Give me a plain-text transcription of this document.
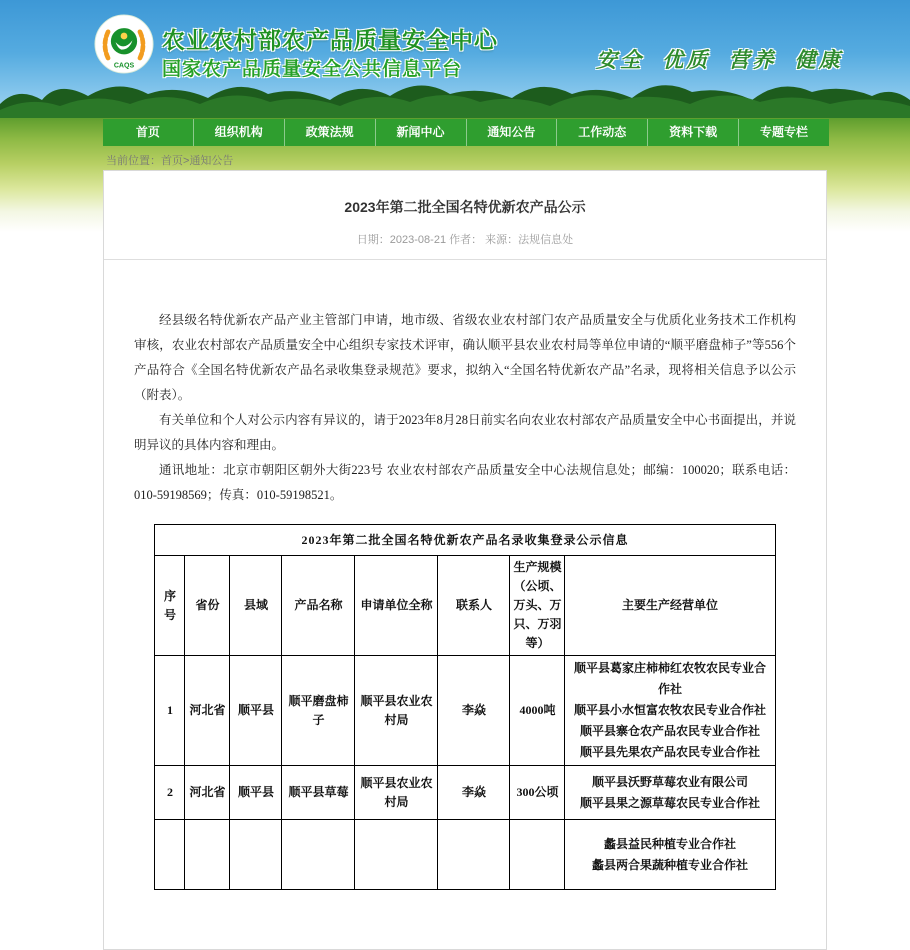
CAQS
农业农村部农产品质量安全中心
国家农产品质量安全公共信息平台	安全 优质 营养 健康
首页	组织机构	政策法规	新闻中心	通知公告	工作动态	资料下载	专题专栏
当前位置：首页>通知公告
2023年第二批全国名特优新农产品公示
日期：2023-08-21 作者： 来源：法规信息处

经县级名特优新农产品产业主管部门申请，地市级、省级农业农村部门农产品质量安全与优质化业务技术工作机构审核，农业农村部农产品质量安全中心组织专家技术评审，确认顺平县农业农村局等单位申请的“顺平磨盘柿子”等556个产品符合《全国名特优新农产品名录收集登录规范》要求，拟纳入“全国名特优新农产品”名录，现将相关信息予以公示（附表）。

有关单位和个人对公示内容有异议的，请于2023年8月28日前实名向农业农村部农产品质量安全中心书面提出，并说明异议的具体内容和理由。

通讯地址：北京市朝阳区朝外大街223号 农业农村部农产品质量安全中心法规信息处；邮编：100020；联系电话：010-59198569；传真：010-59198521。

2023年第二批全国名特优新农产品名录收集登录公示信息							
序号	省份	县域	产品名称	申请单位全称	联系人	生产规模（公顷、万头、万只、万羽等）	主要生产经营单位
1	河北省	顺平县	顺平磨盘柿子	顺平县农业农村局	李焱	4000吨	顺平县葛家庄柿柿红农牧农民专业合作社
顺平县小水恒富农牧农民专业合作社
顺平县寨仓农产品农民专业合作社
顺平县先果农产品农民专业合作社

2	河北省	顺平县	顺平县草莓	顺平县农业农村局	李焱	300公顷	顺平县沃野草莓农业有限公司
顺平县果之源草莓农民专业合作社

							蠡县益民种植专业合作社
蠡县两合果蔬种植专业合作社
